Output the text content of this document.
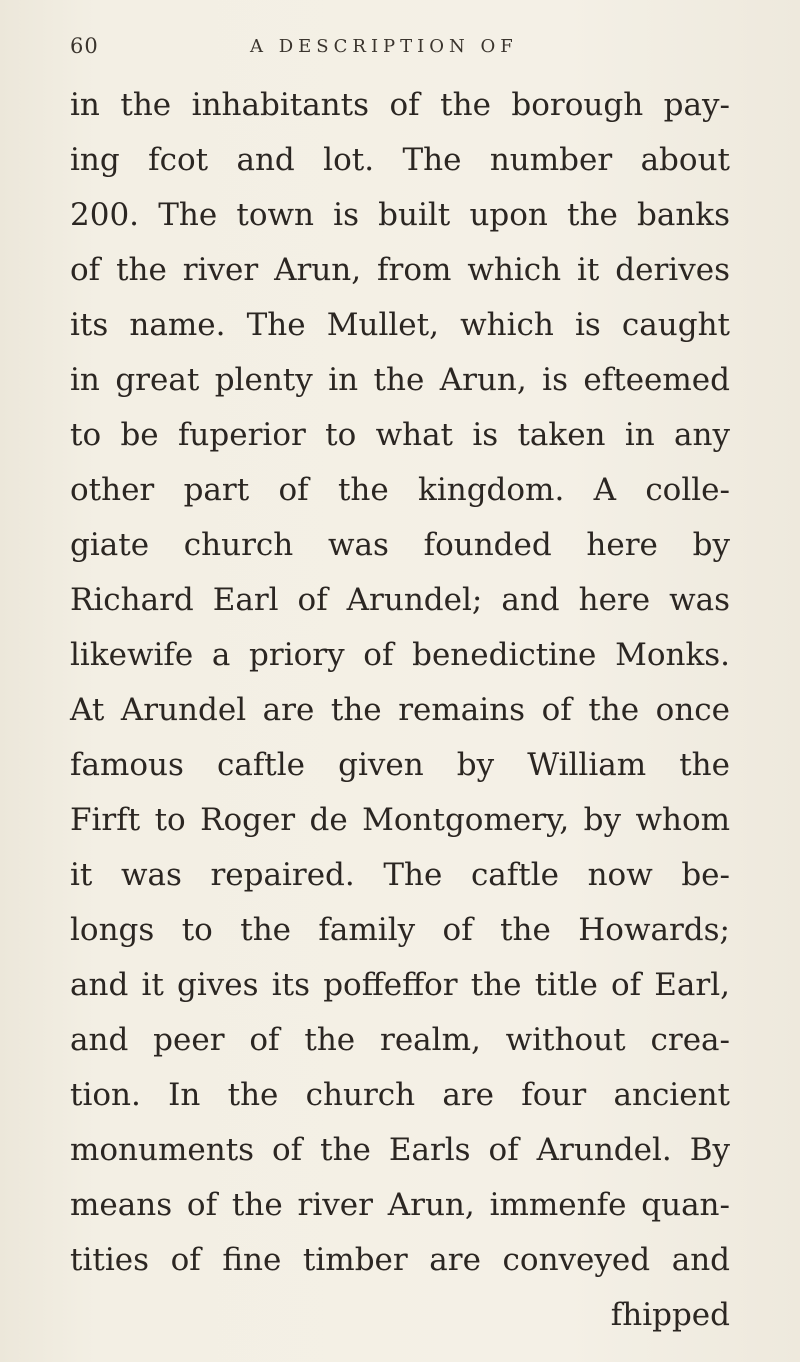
60	A DESCRIPTION OF
in the inhabitants of the borough pay-
ing fcot and lot. The number about
200. The town is built upon the banks
of the river Arun, from which it derives
its name. The Mullet, which is caught
in great plenty in the Arun, is efteemed
to be fuperior to what is taken in any
other part of the kingdom. A colle-
giate church was founded here by
Richard Earl of Arundel; and here was
likewife a priory of benedictine Monks.
At Arundel are the remains of the once
famous caftle given by William the
Firft to Roger de Montgomery, by whom
it was repaired. The caftle now be-
longs to the family of the Howards;
and it gives its poffeffor the title of Earl,
and peer of the realm, without crea-
tion. In the church are four ancient
monuments of the Earls of Arundel. By
means of the river Arun, immenfe quan-
tities of fine timber are conveyed and
fhipped
